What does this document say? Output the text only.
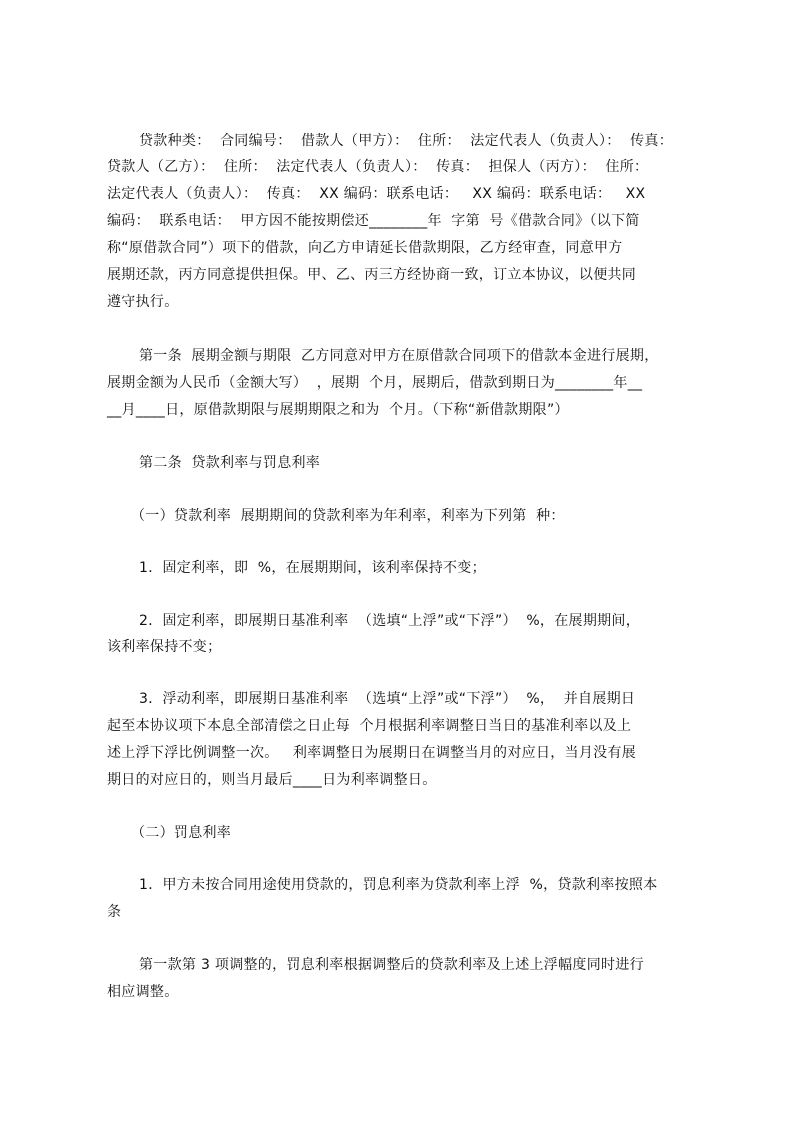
贷款种类：  合同编号：  借款人（甲方）：  住所：  法定代表人（负责人）：  传真：

贷款人（乙方）：  住所：  法定代表人（负责人）：  传真：  担保人（丙方）：  住所：

法定代表人（负责人）：  传真：  XX 编码：联系电话：   XX 编码：联系电话：   XX

编码：  联系电话：  甲方因不能按期偿还________年  字第  号《借款合同》（以下简

称“原借款合同”）项下的借款，向乙方申请延长借款期限，乙方经审查，同意甲方

展期还款，丙方同意提供担保。甲、乙、丙三方经协商一致，订立本协议，以便共同

遵守执行。

第一条  展期金额与期限  乙方同意对甲方在原借款合同项下的借款本金进行展期，

展期金额为人民币（金额大写）  ，展期  个月，展期后，借款到期日为________年__

__月____日，原借款期限与展期期限之和为  个月。（下称“新借款期限”）

第二条  贷款利率与罚息利率

（一）贷款利率  展期期间的贷款利率为年利率，利率为下列第  种：

1．固定利率，即  %，在展期期间，该利率保持不变；

2．固定利率，即展期日基准利率  （选填“上浮”或“下浮”）  %，在展期期间，

该利率保持不变；

3．浮动利率，即展期日基准利率  （选填“上浮”或“下浮”）  %，  并自展期日

起至本协议项下本息全部清偿之日止每  个月根据利率调整日当日的基准利率以及上

述上浮下浮比例调整一次。   利率调整日为展期日在调整当月的对应日，当月没有展

期日的对应日的，则当月最后____日为利率调整日。

（二）罚息利率

1．甲方未按合同用途使用贷款的，罚息利率为贷款利率上浮  %，贷款利率按照本

条

第一款第 3 项调整的，罚息利率根据调整后的贷款利率及上述上浮幅度同时进行

相应调整。
